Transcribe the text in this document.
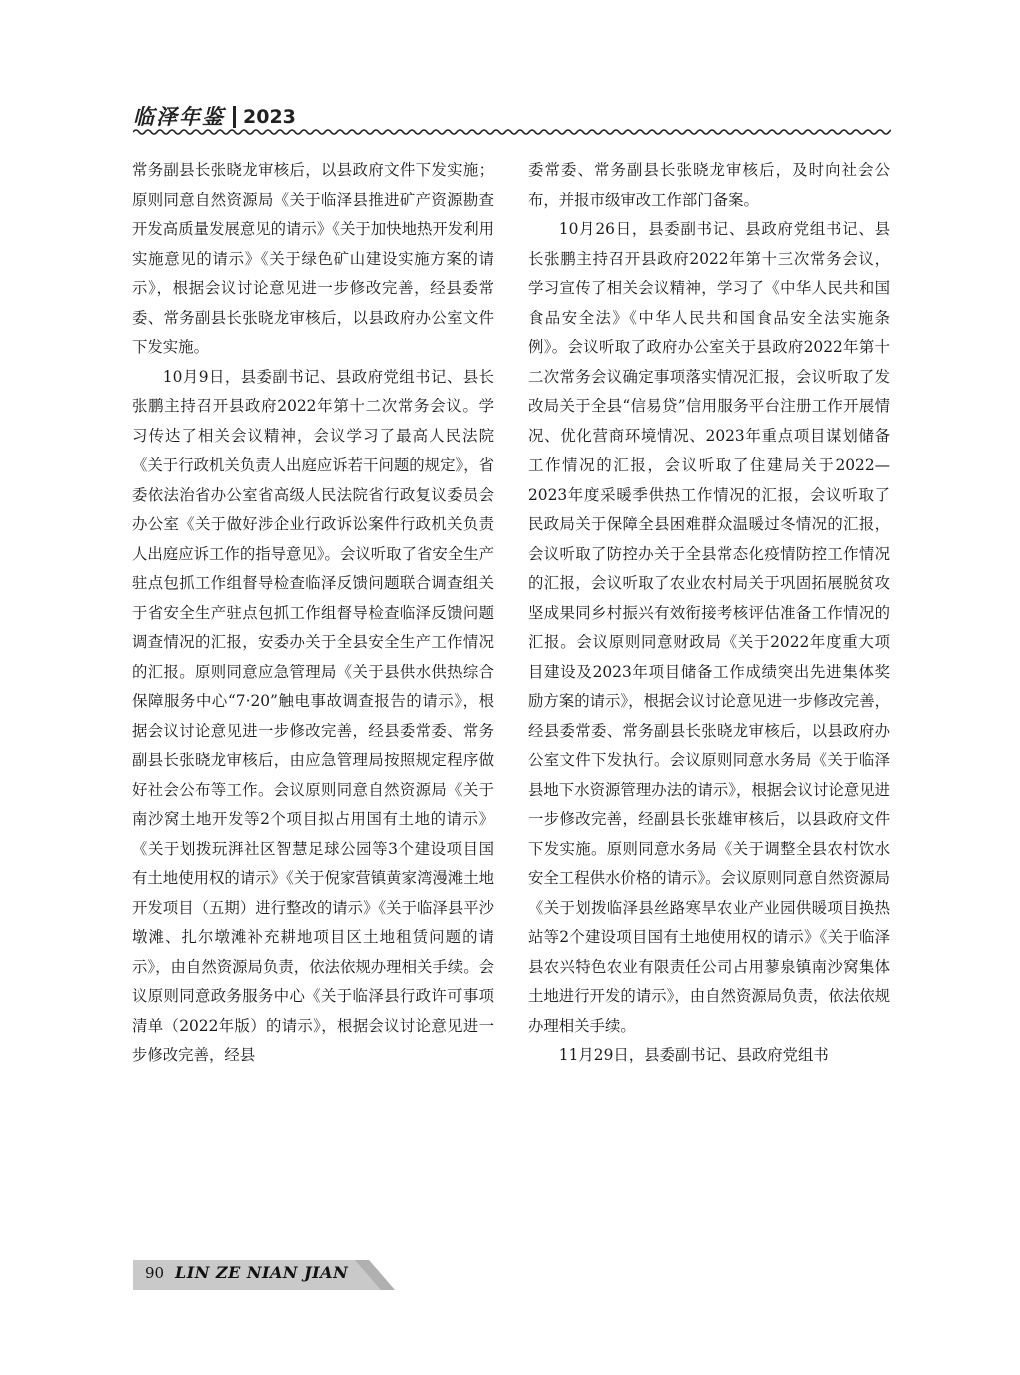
临泽年鉴 2023

常务副县长张晓龙审核后，以县政府文件下发实施；原则同意自然资源局《关于临泽县推进矿产资源勘查开发高质量发展意见的请示》《关于加快地热开发利用实施意见的请示》《关于绿色矿山建设实施方案的请示》，根据会议讨论意见进一步修改完善，经县委常委、常务副县长张晓龙审核后，以县政府办公室文件下发实施。

10月9日，县委副书记、县政府党组书记、县长张鹏主持召开县政府2022年第十二次常务会议。学习传达了相关会议精神，会议学习了最高人民法院《关于行政机关负责人出庭应诉若干问题的规定》，省委依法治省办公室省高级人民法院省行政复议委员会办公室《关于做好涉企业行政诉讼案件行政机关负责人出庭应诉工作的指导意见》。会议听取了省安全生产驻点包抓工作组督导检查临泽反馈问题联合调查组关于省安全生产驻点包抓工作组督导检查临泽反馈问题调查情况的汇报，安委办关于全县安全生产工作情况的汇报。原则同意应急管理局《关于县供水供热综合保障服务中心“7·20”触电事故调查报告的请示》，根据会议讨论意见进一步修改完善，经县委常委、常务副县长张晓龙审核后，由应急管理局按照规定程序做好社会公布等工作。会议原则同意自然资源局《关于南沙窝土地开发等2个项目拟占用国有土地的请示》《关于划拨玩湃社区智慧足球公园等3个建设项目国有土地使用权的请示》《关于倪家营镇黄家湾漫滩土地开发项目（五期）进行整改的请示》《关于临泽县平沙墩滩、扎尔墩滩补充耕地项目区土地租赁问题的请示》，由自然资源局负责，依法依规办理相关手续。会议原则同意政务服务中心《关于临泽县行政许可事项清单（2022年版）的请示》，根据会议讨论意见进一步修改完善，经县

委常委、常务副县长张晓龙审核后，及时向社会公布，并报市级审改工作部门备案。

10月26日，县委副书记、县政府党组书记、县长张鹏主持召开县政府2022年第十三次常务会议，学习宣传了相关会议精神，学习了《中华人民共和国食品安全法》《中华人民共和国食品安全法实施条例》。会议听取了政府办公室关于县政府2022年第十二次常务会议确定事项落实情况汇报，会议听取了发改局关于全县“信易贷”信用服务平台注册工作开展情况、优化营商环境情况、2023年重点项目谋划储备工作情况的汇报，会议听取了住建局关于2022—2023年度采暖季供热工作情况的汇报，会议听取了民政局关于保障全县困难群众温暖过冬情况的汇报，会议听取了防控办关于全县常态化疫情防控工作情况的汇报，会议听取了农业农村局关于巩固拓展脱贫攻坚成果同乡村振兴有效衔接考核评估准备工作情况的汇报。会议原则同意财政局《关于2022年度重大项目建设及2023年项目储备工作成绩突出先进集体奖励方案的请示》，根据会议讨论意见进一步修改完善，经县委常委、常务副县长张晓龙审核后，以县政府办公室文件下发执行。会议原则同意水务局《关于临泽县地下水资源管理办法的请示》，根据会议讨论意见进一步修改完善，经副县长张雄审核后，以县政府文件下发实施。原则同意水务局《关于调整全县农村饮水安全工程供水价格的请示》。会议原则同意自然资源局《关于划拨临泽县丝路寒旱农业产业园供暖项目换热站等2个建设项目国有土地使用权的请示》《关于临泽县农兴特色农业有限责任公司占用蓼泉镇南沙窝集体土地进行开发的请示》，由自然资源局负责，依法依规办理相关手续。

11月29日，县委副书记、县政府党组书

90 LIN ZE NIAN JIAN
